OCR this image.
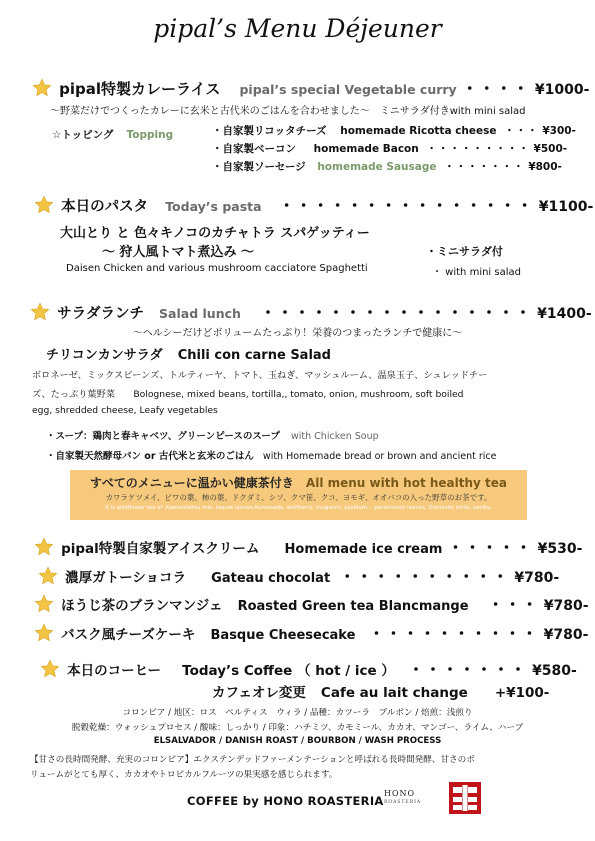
pipal’s Menu Déjeuner
pipal特製カレーライス pipal’s special Vegetable curry ・・・・ ¥1000-
〜野菜だけでつくったカレーに玄米と古代米のごはんを合わせました〜　ミニサラダ付きwith mini salad
☆トッピング Topping	・自家製リコッタチーズ homemade Ricotta cheese ・・・ ¥300-
・自家製ベーコン homemade Bacon ・・・・・・・・・ ¥500-
・自家製ソーセージ homemade Sausage ・・・・・・・ ¥800-
本日のパスタ Today’s pasta ・・・・・・・・・・・・・・・ ¥1100-
大山とり と 色々キノコのカチャトラ スパゲッティー
〜 狩人風トマト煮込み 〜	・ミニサラダ付
Daisen Chicken and various mushroom cacciatore Spaghetti	・ with mini salad
サラダランチ Salad lunch ・・・・・・・・・・・・・・・・ ¥1400-
〜ヘルシーだけどボリュームたっぷり！栄養のつまったランチで健康に〜
チリコンカンサラダ Chili con carne Salad
ボロネーゼ、ミックスビーンズ、トルティーヤ、トマト、玉ねぎ、マッシュルーム、温泉玉子、シュレッドチー
ズ、たっぷり葉野菜　　Bolognese, mixed beans, tortilla,, tomato, onion, mushroom, soft boiled
egg, shredded cheese, Leafy vegetables
・スープ：鶏肉と春キャベツ、グリーンピースのスープ with Chicken Soup
・自家製天然酵母パン or 古代米と玄米のごはん with Homemade bread or brown and ancient rice
すべてのメニューに温かい健康茶付き All menu with hot healthy tea
カワラケツメイ、ビワの葉、柿の葉、ドクダミ、シソ、クマ笹、クコ、ヨモギ、オオバコの入った野草のお茶です。
It is wildflower tea of ,Kawaratetsu mei, loquat leaves,Kumasada, wolfberry, mugwort, psyllium,.. persimmon leaves, Domestic birds, perilla,
pipal特製自家製アイスクリーム Homemade ice cream ・・・・・ ¥530-
濃厚ガトーショコラ Gateau chocolat ・・・・・・・・・・ ¥780-
ほうじ茶のブランマンジェ Roasted Green tea Blancmange ・・・ ¥780-
バスク風チーズケーキ Basque Cheesecake ・・・・・・・・・・ ¥780-
本日のコーヒー Today’s Coffee （ hot / ice ） ・・・・・・・ ¥580-
カフェオレ変更 Cafe au lait change +¥100-
コロンビア / 地区：ロス　ペルティス　ウィラ / 品種：カツーラ　ブルボン / 焙煎：浅煎り
脱穀乾燥：ウォッシュプロセス / 酸味：しっかり / 印象：ハチミツ、カモミール、カカオ、マンゴー、ライム、ハーブ
ELSALVADOR / DANISH ROAST / BOURBON / WASH PROCESS
【甘さの長時間発酵、充実のコロンビア】エクステンデッドファーメンテーションと呼ばれる長時間発酵、甘さのボ
リュームがとても厚く、カカオやトロピカルフルーツの果実感を感じられます。
COFFEE by HONO ROASTERIA
HONO
ROASTERIA
